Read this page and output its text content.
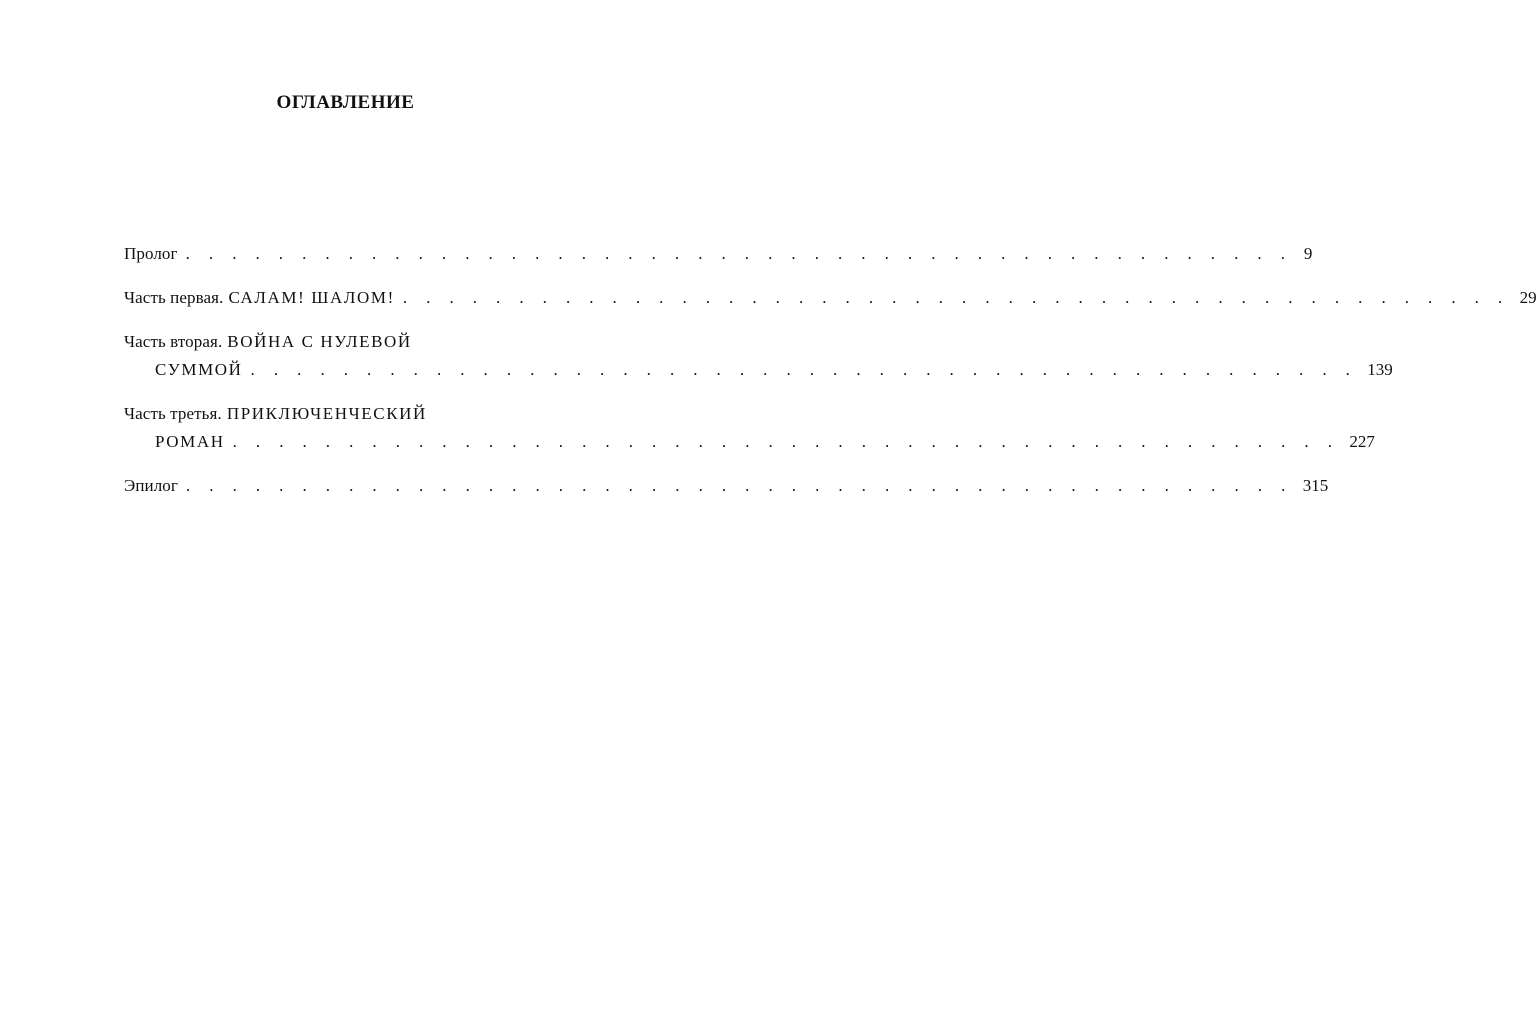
ОГЛАВЛЕНИЕ
Пролог . . . . . . . . . . . . . . . . . . . . . . . . . . . . . . . . . . . . . . . . . . . . . . . . 9
Часть первая. САЛАМ! ШАЛОМ! . . . . . . . . . . . . . . . . . . . . . . . . . . . . . . . . . . . . . . . . . . . . . . . . 29
Часть вторая. ВОЙНА С НУЛЕВОЙ
СУММОЙ . . . . . . . . . . . . . . . . . . . . . . . . . . . . . . . . . . . . . . . . . . . . . . . . 139
Часть третья. ПРИКЛЮЧЕНЧЕСКИЙ
РОМАН . . . . . . . . . . . . . . . . . . . . . . . . . . . . . . . . . . . . . . . . . . . . . . . . 227
Эпилог . . . . . . . . . . . . . . . . . . . . . . . . . . . . . . . . . . . . . . . . . . . . . . . . 315
